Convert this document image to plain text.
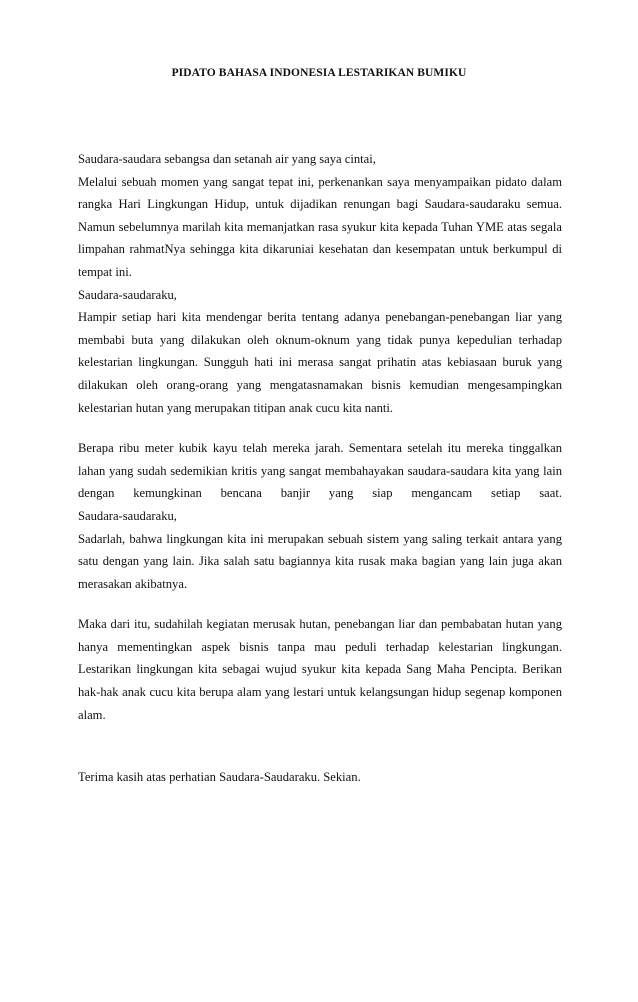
PIDATO BAHASA INDONESIA LESTARIKAN BUMIKU

Saudara-saudara sebangsa dan setanah air yang saya cintai,

Melalui sebuah momen yang sangat tepat ini, perkenankan saya menyampaikan pidato dalam rangka Hari Lingkungan Hidup, untuk dijadikan renungan bagi Saudara-saudaraku semua. Namun sebelumnya marilah kita memanjatkan rasa syukur kita kepada Tuhan YME atas segala limpahan rahmatNya sehingga kita dikaruniai kesehatan dan kesempatan untuk berkumpul di tempat ini.

Saudara-saudaraku,

Hampir setiap hari kita mendengar berita tentang adanya penebangan-penebangan liar yang membabi buta yang dilakukan oleh oknum-oknum yang tidak punya kepedulian terhadap kelestarian lingkungan. Sungguh hati ini merasa sangat prihatin atas kebiasaan buruk yang dilakukan oleh orang-orang yang mengatasnamakan bisnis kemudian mengesampingkan kelestarian hutan yang merupakan titipan anak cucu kita nanti.

Berapa ribu meter kubik kayu telah mereka jarah. Sementara setelah itu mereka tinggalkan lahan yang sudah sedemikian kritis yang sangat membahayakan saudara-saudara kita yang lain dengan kemungkinan bencana banjir yang siap mengancam setiap saat.

Saudara-saudaraku,

Sadarlah, bahwa lingkungan kita ini merupakan sebuah sistem yang saling terkait antara yang satu dengan yang lain. Jika salah satu bagiannya kita rusak maka bagian yang lain juga akan merasakan akibatnya.

Maka dari itu, sudahilah kegiatan merusak hutan, penebangan liar dan pembabatan hutan yang hanya mementingkan aspek bisnis tanpa mau peduli terhadap kelestarian lingkungan. Lestarikan lingkungan kita sebagai wujud syukur kita kepada Sang Maha Pencipta. Berikan hak-hak anak cucu kita berupa alam yang lestari untuk kelangsungan hidup segenap komponen alam.

Terima kasih atas perhatian Saudara-Saudaraku. Sekian.
